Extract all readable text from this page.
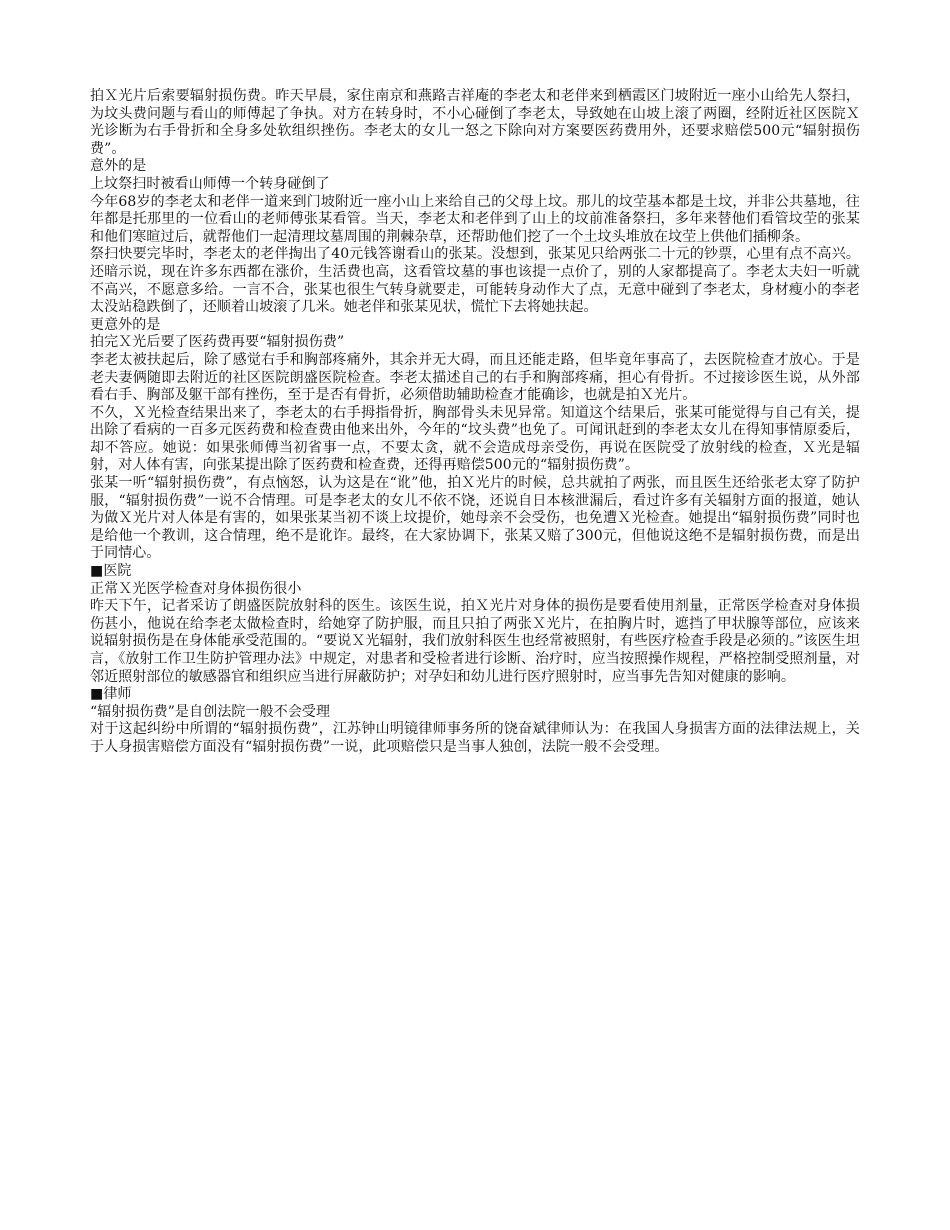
拍Ｘ光片后索要辐射损伤费。昨天早晨，家住南京和燕路吉祥庵的李老太和老伴来到栖霞区门坡附近一座小山给先人祭扫，为坟头费问题与看山的师傅起了争执。对方在转身时，不小心碰倒了李老太，导致她在山坡上滚了两圈，经附近社区医院Ｘ光诊断为右手骨折和全身多处软组织挫伤。李老太的女儿一怒之下除向对方案要医药费用外，还要求赔偿500元“辐射损伤费”。

意外的是

上坟祭扫时被看山师傅一个转身碰倒了

今年68岁的李老太和老伴一道来到门坡附近一座小山上来给自己的父母上坟。那儿的坟茔基本都是土坟，并非公共墓地，往年都是托那里的一位看山的老师傅张某看管。当天，李老太和老伴到了山上的坟前准备祭扫，多年来替他们看管坟茔的张某和他们寒暄过后，就帮他们一起清理坟墓周围的荆棘杂草，还帮助他们挖了一个土坟头堆放在坟茔上供他们插柳条。

祭扫快要完毕时，李老太的老伴掏出了40元钱答谢看山的张某。没想到，张某见只给两张二十元的钞票，心里有点不高兴。还暗示说，现在许多东西都在涨价，生活费也高，这看管坟墓的事也该提一点价了，别的人家都提高了。李老太夫妇一听就不高兴，不愿意多给。一言不合，张某也很生气转身就要走，可能转身动作大了点，无意中碰到了李老太，身材瘦小的李老太没站稳跌倒了，还顺着山坡滚了几米。她老伴和张某见状，慌忙下去将她扶起。

更意外的是

拍完Ｘ光后要了医药费再要“辐射损伤费”

李老太被扶起后，除了感觉右手和胸部疼痛外，其余并无大碍，而且还能走路，但毕竟年事高了，去医院检查才放心。于是老夫妻俩随即去附近的社区医院朗盛医院检查。李老太描述自己的右手和胸部疼痛，担心有骨折。不过接诊医生说，从外部看右手、胸部及躯干部有挫伤，至于是否有骨折，必须借助辅助检查才能确诊，也就是拍Ｘ光片。

不久，Ｘ光检查结果出来了，李老太的右手拇指骨折，胸部骨头未见异常。知道这个结果后，张某可能觉得与自己有关，提出除了看病的一百多元医药费和检查费由他来出外，今年的“坟头费”也免了。可闻讯赶到的李老太女儿在得知事情原委后，却不答应。她说：如果张师傅当初省事一点，不要太贪，就不会造成母亲受伤，再说在医院受了放射线的检查，Ｘ光是辐射，对人体有害，向张某提出除了医药费和检查费，还得再赔偿500元的“辐射损伤费”。

张某一听“辐射损伤费”，有点恼怒，认为这是在“讹”他，拍Ｘ光片的时候，总共就拍了两张，而且医生还给张老太穿了防护服，“辐射损伤费”一说不合情理。可是李老太的女儿不依不饶，还说自日本核泄漏后，看过许多有关辐射方面的报道，她认为做Ｘ光片对人体是有害的，如果张某当初不谈上坟提价，她母亲不会受伤，也免遭Ｘ光检查。她提出“辐射损伤费”同时也是给他一个教训，这合情理，绝不是讹诈。最终，在大家协调下，张某又赔了300元，但他说这绝不是辐射损伤费，而是出于同情心。

■医院

正常Ｘ光医学检查对身体损伤很小

昨天下午，记者采访了朗盛医院放射科的医生。该医生说，拍Ｘ光片对身体的损伤是要看使用剂量，正常医学检查对身体损伤甚小，他说在给李老太做检查时，给她穿了防护服，而且只拍了两张Ｘ光片，在拍胸片时，遮挡了甲状腺等部位，应该来说辐射损伤是在身体能承受范围的。“要说Ｘ光辐射，我们放射科医生也经常被照射，有些医疗检查手段是必须的。”该医生坦言，《放射工作卫生防护管理办法》中规定，对患者和受检者进行诊断、治疗时，应当按照操作规程，严格控制受照剂量，对邻近照射部位的敏感器官和组织应当进行屏蔽防护；对孕妇和幼儿进行医疗照射时，应当事先告知对健康的影响。

■律师

“辐射损伤费”是自创法院一般不会受理

对于这起纠纷中所谓的“辐射损伤费”，江苏钟山明镜律师事务所的饶奋斌律师认为：在我国人身损害方面的法律法规上，关于人身损害赔偿方面没有“辐射损伤费”一说，此项赔偿只是当事人独创，法院一般不会受理。
